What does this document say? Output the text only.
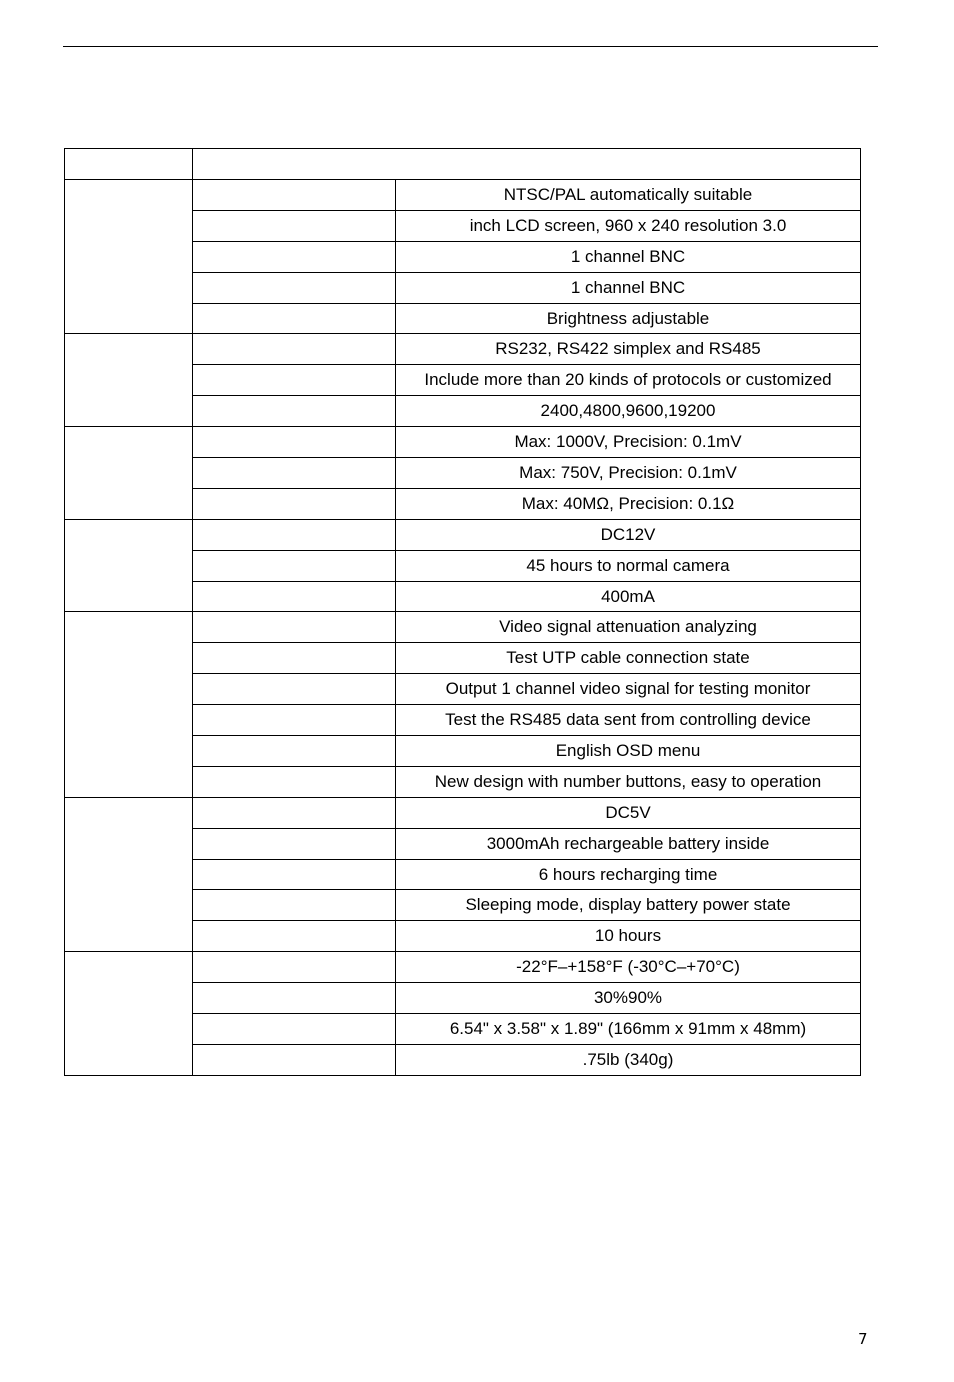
		NTSC/PAL automatically suitable
		inch LCD screen, 960 x 240 resolution 3.0
		1 channel BNC
		1 channel BNC
		Brightness adjustable
		RS232, RS422 simplex and RS485
		Include more than 20 kinds of protocols or customized
		2400,4800,9600,19200
		Max: 1000V, Precision: 0.1mV
		Max: 750V, Precision: 0.1mV
		Max: 40MΩ, Precision: 0.1Ω
		DC12V
		45 hours to normal camera
		400mA
		Video signal attenuation analyzing
		Test UTP cable connection state
		Output 1 channel video signal for testing monitor
		Test the RS485 data sent from controlling device
		English OSD menu
		New design with number buttons, easy to operation
		DC5V
		3000mAh rechargeable battery inside
		6 hours recharging time
		Sleeping mode, display battery power state
		10 hours
		-22°F–+158°F (-30°C–+70°C)
		30%90%
		6.54" x 3.58" x 1.89" (166mm x 91mm x 48mm)
		.75lb (340g)
7
